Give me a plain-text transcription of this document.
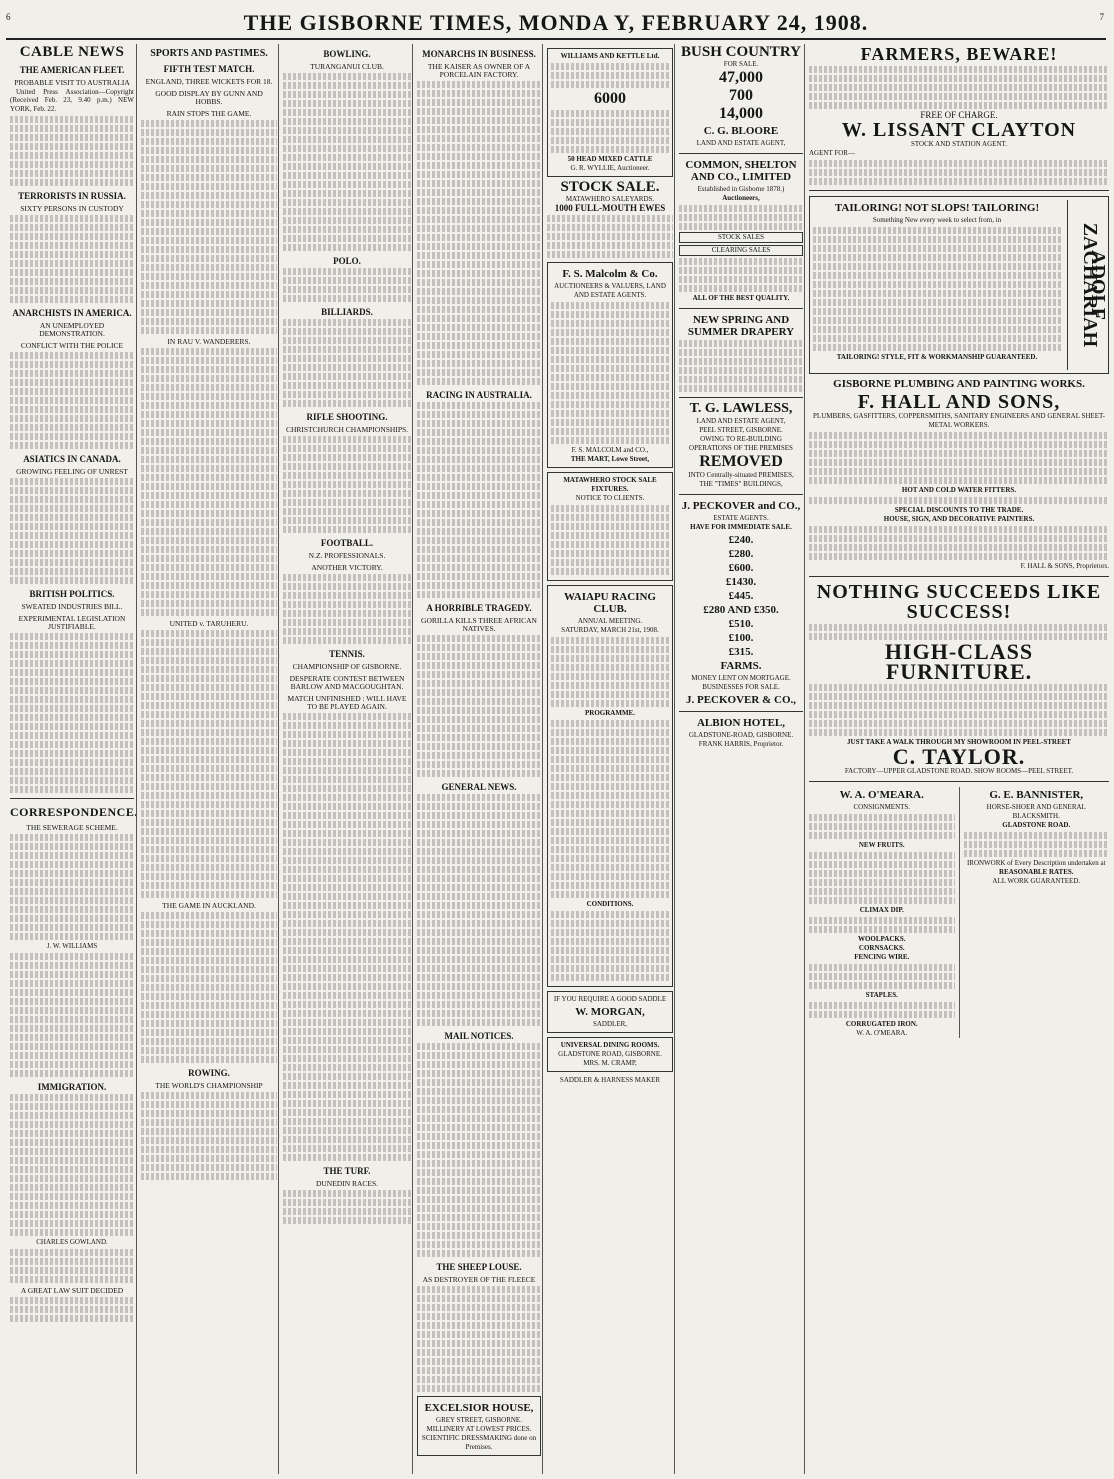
6	THE GISBORNE TIMES, MONDA Y, FEBRUARY 24, 1908.	7
CABLE NEWS
THE AMERICAN FLEET.
PROBABLE VISIT TO AUSTRALIA

United Press Association—Copyright (Received Feb. 23, 9.40 p.m.) NEW YORK, Feb. 22.

TERRORISTS IN RUSSIA.
SIXTY PERSONS IN CUSTODY
ANARCHISTS IN AMERICA.
AN UNEMPLOYED DEMONSTRATION.
CONFLICT WITH THE POLICE
ASIATICS IN CANADA.
GROWING FEELING OF UNREST
BRITISH POLITICS.
SWEATED INDUSTRIES BILL.
EXPERIMENTAL LEGISLATION JUSTIFIABLE.
CORRESPONDENCE.
THE SEWERAGE SCHEME.
J. W. WILLIAMS
IMMIGRATION.
CHARLES GOWLAND.
A GREAT LAW SUIT DECIDED
SPORTS AND PASTIMES.
FIFTH TEST MATCH.
ENGLAND, THREE WICKETS FOR 18.
GOOD DISPLAY BY GUNN AND HOBBS.
RAIN STOPS THE GAME.
IN RAU V. WANDERERS.
UNITED v. TARUHERU.
THE GAME IN AUCKLAND.
ROWING.
THE WORLD'S CHAMPIONSHIP
BOWLING.
TURANGANUI CLUB.
POLO.
BILLIARDS.
RIFLE SHOOTING.
CHRISTCHURCH CHAMPIONSHIPS.
FOOTBALL.
N.Z. PROFESSIONALS.
ANOTHER VICTORY.
TENNIS.
CHAMPIONSHIP OF GISBORNE.
DESPERATE CONTEST BETWEEN BARLOW AND MACGOUGHTAN.
MATCH UNFINISHED : WILL HAVE TO BE PLAYED AGAIN.
THE TURF.
DUNEDIN RACES.
MONARCHS IN BUSINESS.
THE KAISER AS OWNER OF A PORCELAIN FACTORY.
RACING IN AUSTRALIA.
A HORRIBLE TRAGEDY.
GORILLA KILLS THREE AFRICAN NATIVES.
GENERAL NEWS.
MAIL NOTICES.
THE SHEEP LOUSE.
AS DESTROYER OF THE FLEECE
EXCELSIOR HOUSE,
GREY STREET, GISBORNE.
MILLINERY AT LOWEST PRICES.
SCIENTIFIC DRESSMAKING done on Premises.
WILLIAMS AND KETTLE Ltd.
6000
50 HEAD MIXED CATTLE
G. R. WYLLIE, Auctioneer.
STOCK SALE.
MATAWHERO SALEYARDS.
1000 FULL-MOUTH EWES
F. S. Malcolm & Co.
AUCTIONEERS & VALUERS, LAND AND ESTATE AGENTS.
F. S. MALCOLM and CO.,
THE MART, Lowe Street,
MATAWHERO STOCK SALE FIXTURES.
NOTICE TO CLIENTS.
WAIAPU RACING CLUB.
ANNUAL MEETING.
SATURDAY, MARCH 21st, 1908.
PROGRAMME.
CONDITIONS.
IF YOU REQUIRE A GOOD SADDLE
W. MORGAN,
SADDLER,
UNIVERSAL DINING ROOMS.
GLADSTONE ROAD, GISBORNE.
MRS. M. CRAMP,
SADDLER & HARNESS MAKER
BUSH COUNTRY
FOR SALE.
47,000
700
14,000
C. G. BLOORE
LAND AND ESTATE AGENT,
COMMON, SHELTON AND CO., LIMITED
Established in Gisborne 1878.)
Auctioneers,
STOCK SALES
CLEARING SALES
ALL OF THE BEST QUALITY.
NEW SPRING AND SUMMER DRAPERY
T. G. LAWLESS,
LAND AND ESTATE AGENT,
PEEL STREET, GISBORNE.
OWING TO RE-BUILDING OPERATIONS OF THE PREMISES
REMOVED
INTO Centrally-situated PREMISES,
THE "TIMES" BUILDINGS,
J. PECKOVER and CO.,
ESTATE AGENTS.
HAVE FOR IMMEDIATE SALE.
£240.
£280.
£600.
£1430.
£445.
£280 AND £350.
£510.
£100.
£315.
FARMS.
MONEY LENT ON MORTGAGE.
BUSINESSES FOR SALE.
J. PECKOVER & CO.,
ALBION HOTEL,
GLADSTONE-ROAD, GISBORNE.
FRANK HARRIS, Proprietor.
FARMERS, BEWARE!
FREE OF CHARGE.
W. LISSANT CLAYTON
STOCK AND STATION AGENT.
AGENT FOR—
TAILORING! NOT SLOPS! TAILORING!
Something New every week to select from, in
TAILORING! STYLE, FIT & WORKMANSHIP GUARANTEED.
ADOLF ZACHARIAH
GISBORNE PLUMBING AND PAINTING WORKS.
F. HALL AND SONS,
PLUMBERS, GASFITTERS, COPPERSMITHS, SANITARY ENGINEERS AND GENERAL SHEET-METAL WORKERS.
HOT AND COLD WATER FITTERS.
SPECIAL DISCOUNTS TO THE TRADE.
HOUSE, SIGN, AND DECORATIVE PAINTERS.
F. HALL & SONS, Proprietors.
NOTHING SUCCEEDS LIKE SUCCESS!
HIGH-CLASS FURNITURE.
JUST TAKE A WALK THROUGH MY SHOWROOM IN PEEL-STREET
C. TAYLOR.
FACTORY—UPPER GLADSTONE ROAD. SHOW ROOMS—PEEL STREET.
W. A. O'MEARA.
CONSIGNMENTS.
NEW FRUITS.
CLIMAX DIP.
WOOLPACKS.
CORNSACKS.
FENCING WIRE.
STAPLES.
CORRUGATED IRON.
W. A. O'MEARA.
G. E. BANNISTER,
HORSE-SHOER AND GENERAL BLACKSMITH.
GLADSTONE ROAD.
IRONWORK of Every Description undertaken at
REASONABLE RATES.
ALL WORK GUARANTEED.
